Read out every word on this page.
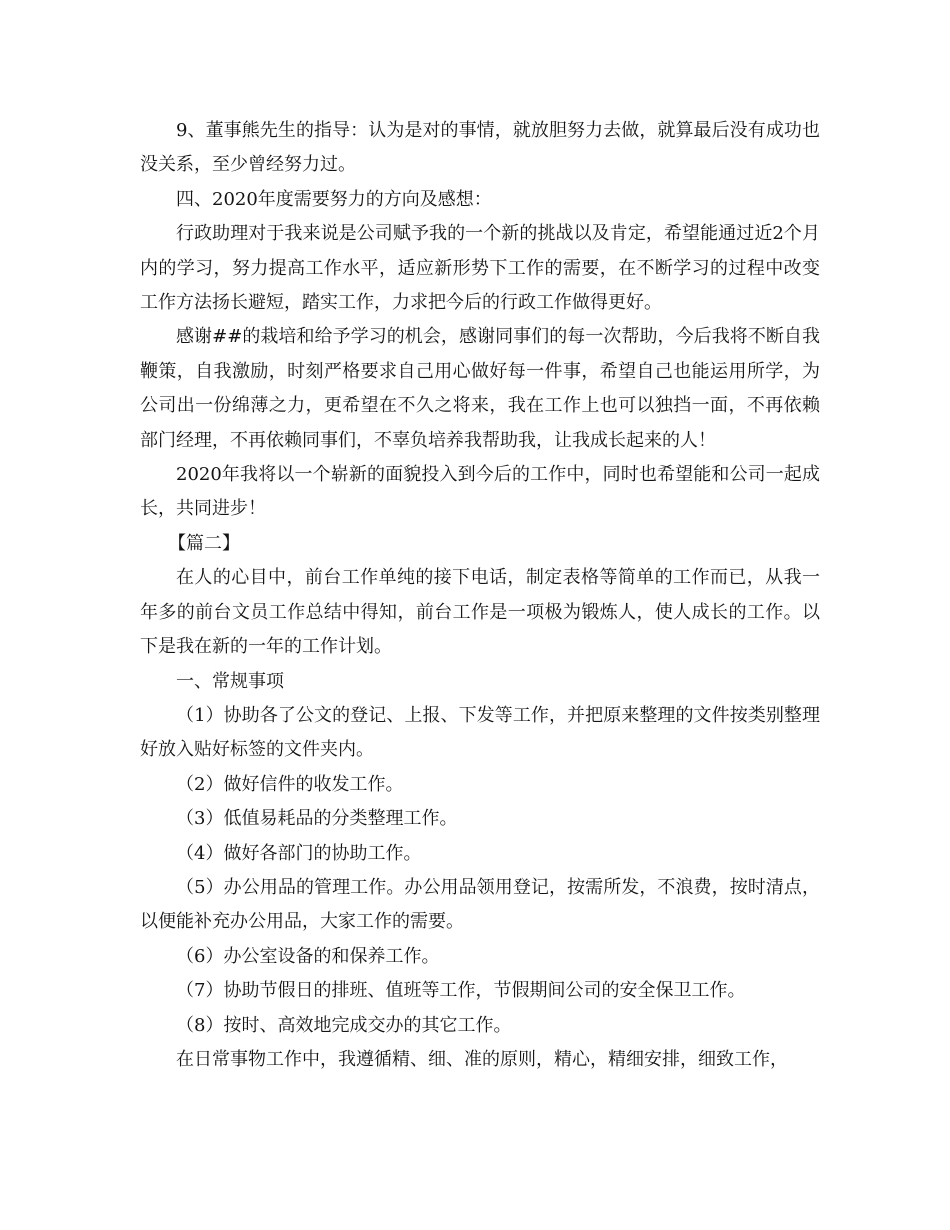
9、董事熊先生的指导：认为是对的事情，就放胆努力去做，就算最后没有成功也没关系，至少曾经努力过。

四、2020年度需要努力的方向及感想：

行政助理对于我来说是公司赋予我的一个新的挑战以及肯定，希望能通过近2个月内的学习，努力提高工作水平，适应新形势下工作的需要，在不断学习的过程中改变工作方法扬长避短，踏实工作，力求把今后的行政工作做得更好。

感谢##的栽培和给予学习的机会，感谢同事们的每一次帮助，今后我将不断自我鞭策，自我激励，时刻严格要求自己用心做好每一件事，希望自己也能运用所学，为公司出一份绵薄之力，更希望在不久之将来，我在工作上也可以独挡一面，不再依赖部门经理，不再依赖同事们，不辜负培养我帮助我，让我成长起来的人！

2020年我将以一个崭新的面貌投入到今后的工作中，同时也希望能和公司一起成长，共同进步！

【篇二】

在人的心目中，前台工作单纯的接下电话，制定表格等简单的工作而已，从我一年多的前台文员工作总结中得知，前台工作是一项极为锻炼人，使人成长的工作。以下是我在新的一年的工作计划。

一、常规事项

（1）协助各了公文的登记、上报、下发等工作，并把原来整理的文件按类别整理好放入贴好标签的文件夹内。

（2）做好信件的收发工作。

（3）低值易耗品的分类整理工作。

（4）做好各部门的协助工作。

（5）办公用品的管理工作。办公用品领用登记，按需所发，不浪费，按时清点，以便能补充办公用品，大家工作的需要。

（6）办公室设备的和保养工作。

（7）协助节假日的排班、值班等工作，节假期间公司的安全保卫工作。

（8）按时、高效地完成交办的其它工作。

在日常事物工作中，我遵循精、细、准的原则，精心，精细安排，细致工作，
